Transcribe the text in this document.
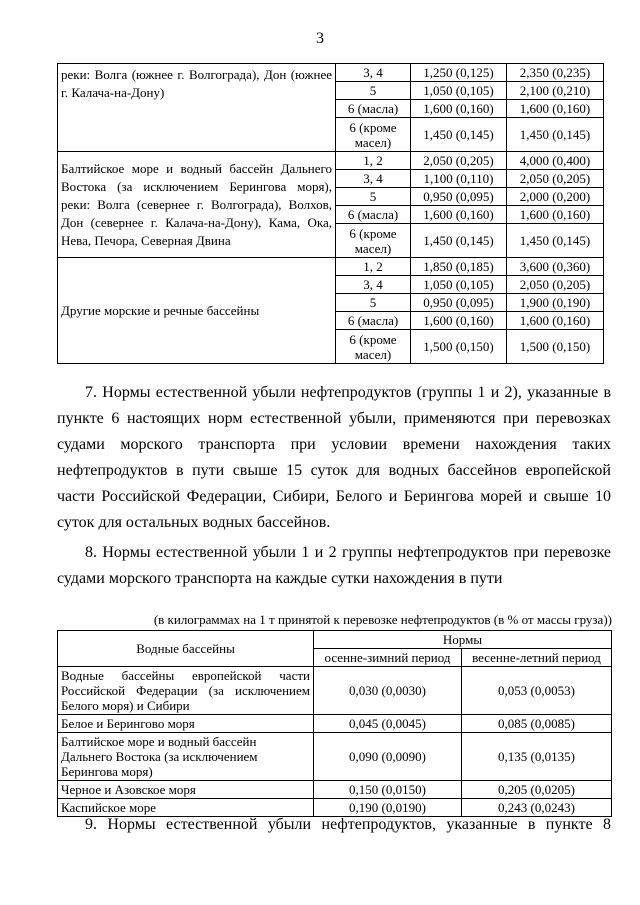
3
реки: Волга (южнее г. Волгограда), Дон (южнее
г. Калача-на-Дону)	3, 4	1,250 (0,125)	2,350 (0,235)
	5	1,050 (0,105)	2,100 (0,210)
	6 (масла)	1,600 (0,160)	1,600 (0,160)
	6 (кроме масел)	1,450 (0,145)	1,450 (0,145)
Балтийское море и водный бассейн Дальнего Востока (за исключением Берингова моря), реки: Волга (севернее г. Волгограда), Волхов, Дон (севернее г. Калача-на-Дону), Кама, Ока, Нева, Печора, Северная Двина	1, 2	2,050 (0,205)	4,000 (0,400)
	3, 4	1,100 (0,110)	2,050 (0,205)
	5	0,950 (0,095)	2,000 (0,200)
	6 (масла)	1,600 (0,160)	1,600 (0,160)
	6 (кроме масел)	1,450 (0,145)	1,450 (0,145)
Другие морские и речные бассейны	1, 2	1,850 (0,185)	3,600 (0,360)
	3, 4	1,050 (0,105)	2,050 (0,205)
	5	0,950 (0,095)	1,900 (0,190)
	6 (масла)	1,600 (0,160)	1,600 (0,160)
	6 (кроме масел)	1,500 (0,150)	1,500 (0,150)
7. Нормы естественной убыли нефтепродуктов (группы 1 и 2), указанные в пункте 6 настоящих норм естественной убыли, применяются при перевозках судами морского транспорта при условии времени нахождения таких нефтепродуктов в пути свыше 15 суток для водных бассейнов европейской части Российской Федерации, Сибири, Белого и Берингова морей и свыше 10 суток для остальных водных бассейнов.
8. Нормы естественной убыли 1 и 2 группы нефтепродуктов при перевозке судами морского транспорта на каждые сутки нахождения в пути
(в килограммах на 1 т принятой к перевозке нефтепродуктов (в % от массы груза))
Водные бассейны	Нормы	
	осенне-зимний период	весенне-летний период

Водные бассейны европейской части
Российской Федерации (за исключением
Белого моря) и Сибири	0,030 (0,0030)	0,053 (0,0053)
Белое и Берингово моря	0,045 (0,0045)	0,085 (0,0085)
Балтийское море и водный бассейн Дальнего Востока (за исключением Берингова моря)	0,090 (0,0090)	0,135 (0,0135)
Черное и Азовское моря	0,150 (0,0150)	0,205 (0,0205)
Каспийское море	0,190 (0,0190)	0,243 (0,0243)
9. Нормы естественной убыли нефтепродуктов, указанные в пункте 8
